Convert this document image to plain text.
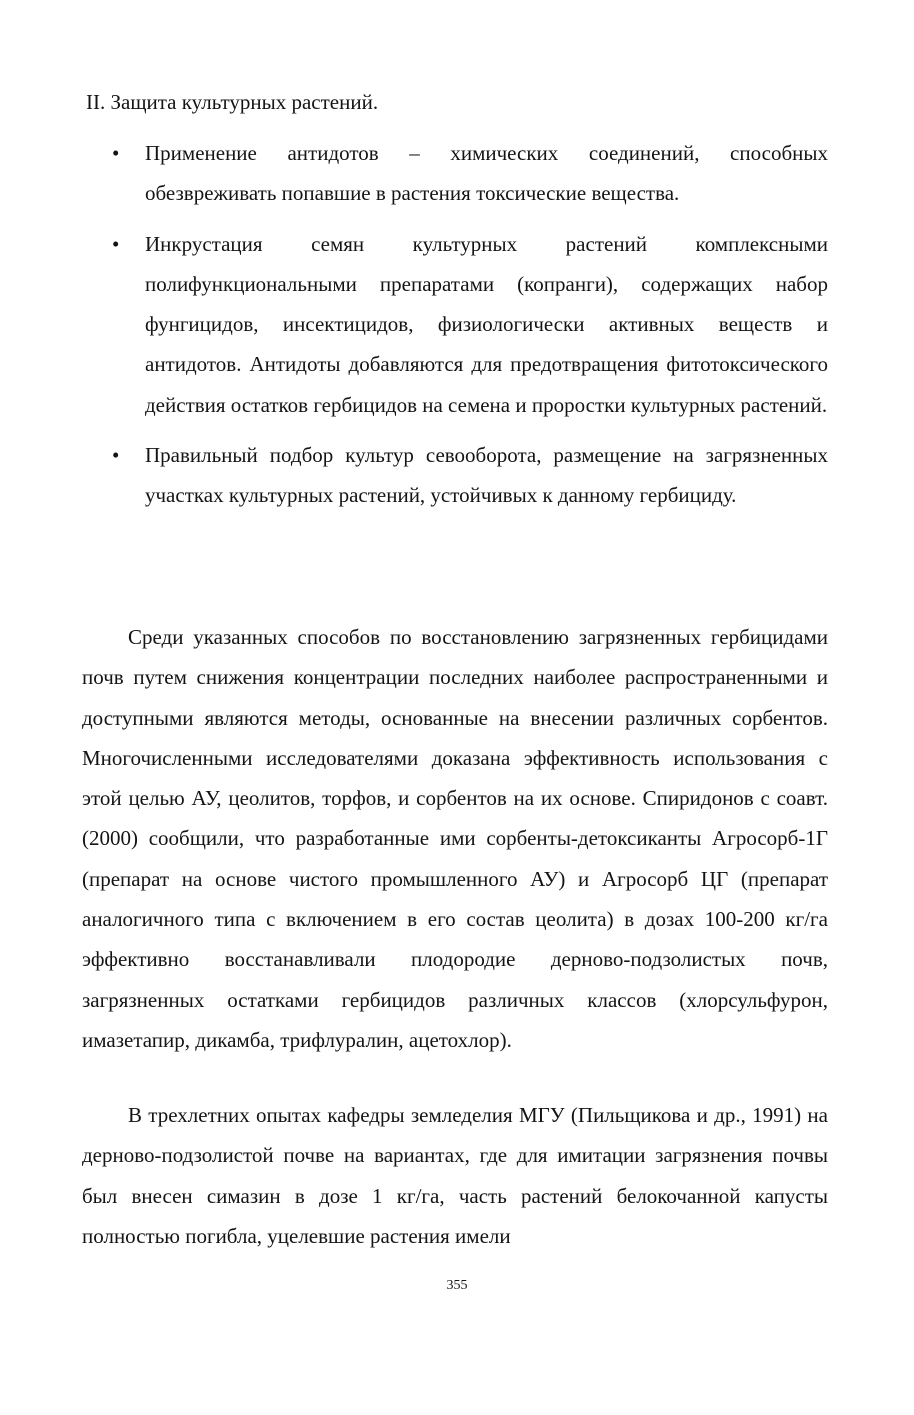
II. Защита культурных растений.
•	Применение антидотов – химических соединений, способных обезвреживать попавшие в растения токсические вещества.
•	Инкрустация семян культурных растений комплексными полифункциональными препаратами (копранги), содержащих набор фунгицидов, инсектицидов, физиологически активных веществ и антидотов. Антидоты добавляются для предотвращения фитотоксического действия остатков гербицидов на семена и проростки культурных растений.
•	Правильный подбор культур севооборота, размещение на загрязненных участках культурных растений, устойчивых к данному гербициду.

Среди указанных способов по восстановлению загрязненных гербицидами почв путем снижения концентрации последних наиболее распространенными и доступными являются методы, основанные на внесении различных сорбентов. Многочисленными исследователями доказана эффективность использования с этой целью АУ, цеолитов, торфов, и сорбентов на их основе. Спиридонов с соавт. (2000) сообщили, что разработанные ими сорбенты-детоксиканты Агросорб-1Г (препарат на основе чистого промышленного АУ) и Агросорб ЦГ (препарат аналогичного типа с включением в его состав цеолита) в дозах 100-200 кг/га эффективно восстанавливали плодородие дерново-подзолистых почв, загрязненных остатками гербицидов различных классов (хлорсульфурон, имазетапир, дикамба, трифлуралин, ацетохлор).

В трехлетних опытах кафедры земледелия МГУ (Пильщикова и др., 1991) на дерново-подзолистой почве на вариантах, где для имитации загрязнения почвы был внесен симазин в дозе 1 кг/га, часть растений белокочанной капусты полностью погибла, уцелевшие растения имели

355
